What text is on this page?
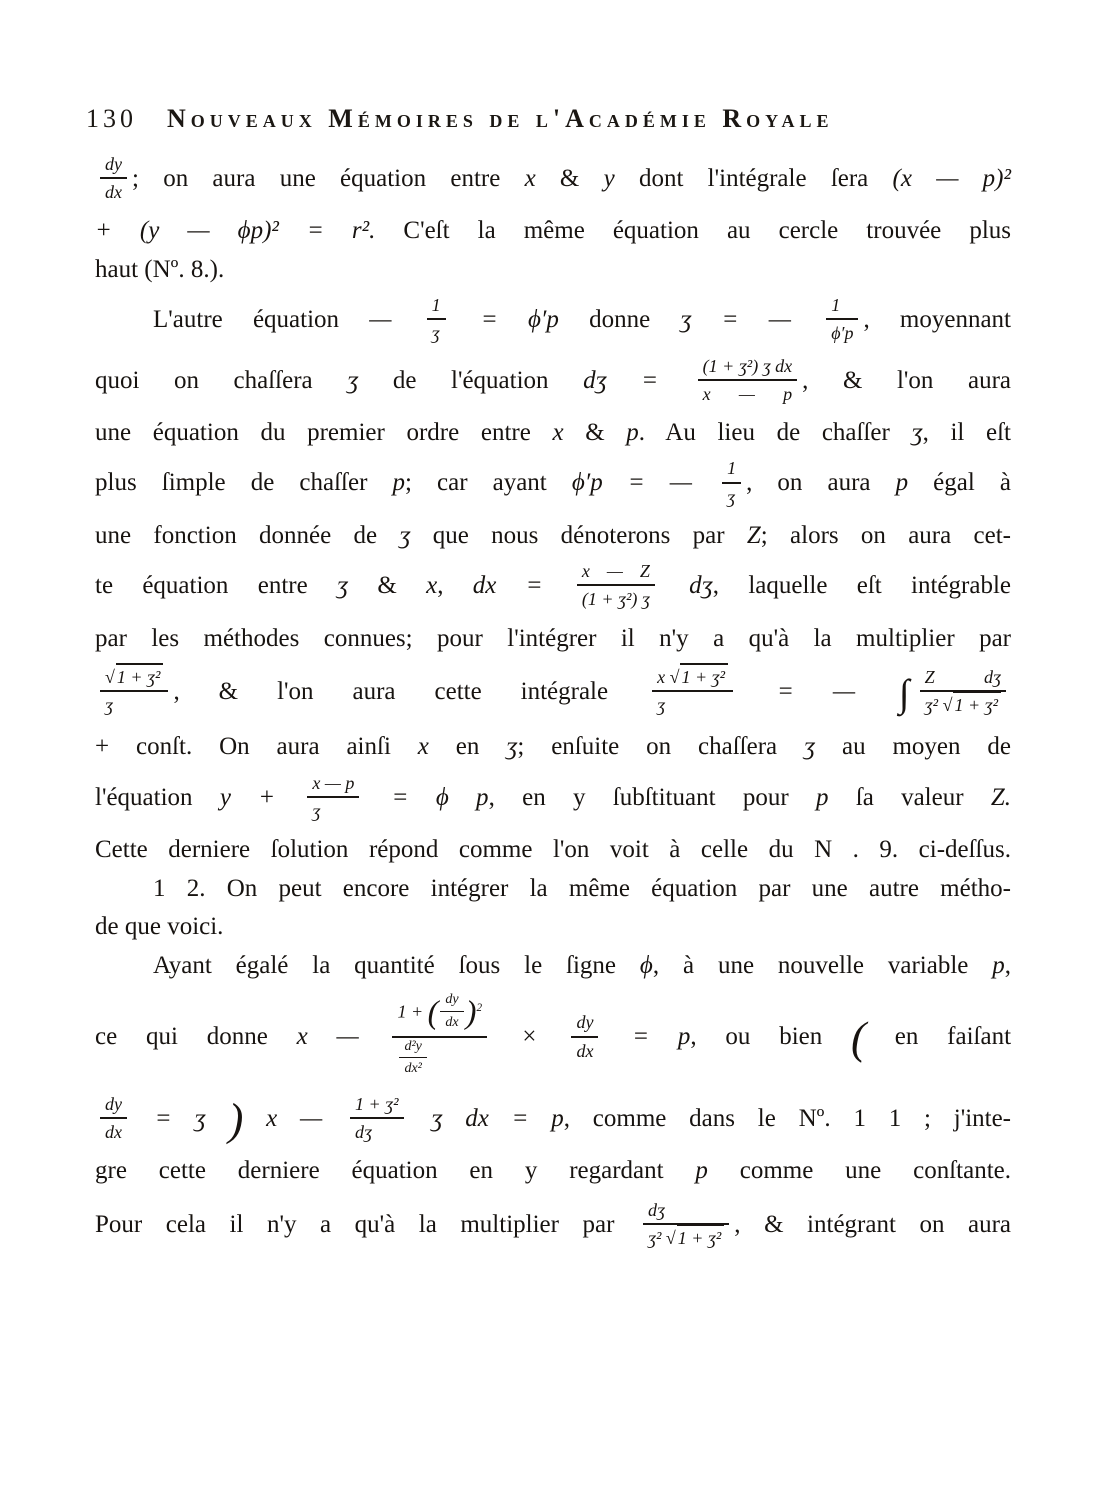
130 Nouveaux Mémoires de l'Académie Royale
$\frac{dy}{dx}$ ; on aura une équation entre x & y dont l'intégrale ſera (x — p)²
+ (y — ϕp)² = r². C'eſt la même équation au cercle trouvée plus
haut (Nº. 8.).
L'autre équation — $\frac{1}{\text{ʒ}} = \phi'p$ donne ʒ = — $\frac{1}{\phi'p}$ , moyennant
quoi on chaſſera ʒ de l'équation dʒ = $\frac{\text{(1 + ʒ²) ʒ dx}}{x — p}$ , & l'on aura
une équation du premier ordre entre x & p. Au lieu de chaſſer ʒ, il eſt
plus ſimple de chaſſer p; car ayant ϕ′p = — $\frac{1}{\text{ʒ}}$ , on aura p égal à
une fonction donnée de ʒ que nous dénoterons par Z; alors on aura cet-
te équation entre ʒ & x, dx = $\frac{x — Z}{\text{(1 + ʒ²) ʒ}}$ dʒ, laquelle eſt intégrable
par les méthodes connues; pour l'intégrer il n'y a qu'à la multiplier par
$\frac{\text{√ 1 + ʒ²}}{\text{ʒ}}$ , & l'on aura cette intégrale $\frac{\text{x √ 1 + ʒ²}}{\text{ʒ}}$ = — ∫ $\frac{\text{Z dʒ}}{\text{ʒ² √ 1 + ʒ²}}$
+ conſt. On aura ainſi x en ʒ; enſuite on chaſſera ʒ au moyen de
l'équation $y + \frac{x — p}{\text{ʒ}} = \phi$ p, en y ſubſtituant pour p ſa valeur Z.
Cette derniere ſolution répond comme l'on voit à celle du N . 9. ci-deſſus.
1 2. On peut encore intégrer la même équation par une autre métho-
de que voici.
Ayant égalé la quantité ſous le ſigne ϕ, à une nouvelle variable p,
ce qui donne x — $\frac{1 + ( \frac{dy}{dx} )^2}{\frac{\text{d²y}}{\text{dx²}}} \times \frac{dy}{dx} = p$, ou bien ( en faiſant
$\frac{dy}{dx}$ = ʒ ) x — $\frac{\text{1 + ʒ²}}{\text{dʒ}}$ ʒ dx = p, comme dans le Nº. 1 1 ; j'inte-
gre cette derniere équation en y regardant p comme une conſtante.
Pour cela il n'y a qu'à la multiplier par $\frac{\text{dʒ}}{\text{ʒ² √ 1 + ʒ²}}$ , & intégrant on aura
